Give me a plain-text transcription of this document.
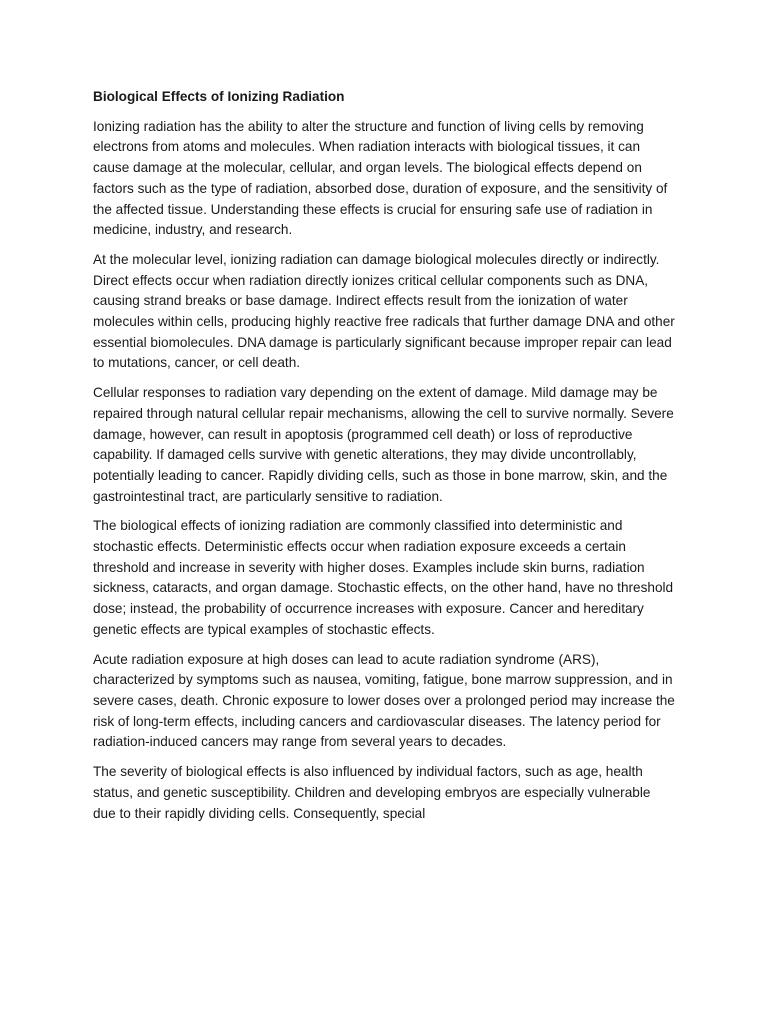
Biological Effects of Ionizing Radiation

Ionizing radiation has the ability to alter the structure and function of living cells by removing electrons from atoms and molecules. When radiation interacts with biological tissues, it can cause damage at the molecular, cellular, and organ levels. The biological effects depend on factors such as the type of radiation, absorbed dose, duration of exposure, and the sensitivity of the affected tissue. Understanding these effects is crucial for ensuring safe use of radiation in medicine, industry, and research.

At the molecular level, ionizing radiation can damage biological molecules directly or indirectly. Direct effects occur when radiation directly ionizes critical cellular components such as DNA, causing strand breaks or base damage. Indirect effects result from the ionization of water molecules within cells, producing highly reactive free radicals that further damage DNA and other essential biomolecules. DNA damage is particularly significant because improper repair can lead to mutations, cancer, or cell death.

Cellular responses to radiation vary depending on the extent of damage. Mild damage may be repaired through natural cellular repair mechanisms, allowing the cell to survive normally. Severe damage, however, can result in apoptosis (programmed cell death) or loss of reproductive capability. If damaged cells survive with genetic alterations, they may divide uncontrollably, potentially leading to cancer. Rapidly dividing cells, such as those in bone marrow, skin, and the gastrointestinal tract, are particularly sensitive to radiation.

The biological effects of ionizing radiation are commonly classified into deterministic and stochastic effects. Deterministic effects occur when radiation exposure exceeds a certain threshold and increase in severity with higher doses. Examples include skin burns, radiation sickness, cataracts, and organ damage. Stochastic effects, on the other hand, have no threshold dose; instead, the probability of occurrence increases with exposure. Cancer and hereditary genetic effects are typical examples of stochastic effects.

Acute radiation exposure at high doses can lead to acute radiation syndrome (ARS), characterized by symptoms such as nausea, vomiting, fatigue, bone marrow suppression, and in severe cases, death. Chronic exposure to lower doses over a prolonged period may increase the risk of long-term effects, including cancers and cardiovascular diseases. The latency period for radiation-induced cancers may range from several years to decades.

The severity of biological effects is also influenced by individual factors, such as age, health status, and genetic susceptibility. Children and developing embryos are especially vulnerable due to their rapidly dividing cells. Consequently, special
